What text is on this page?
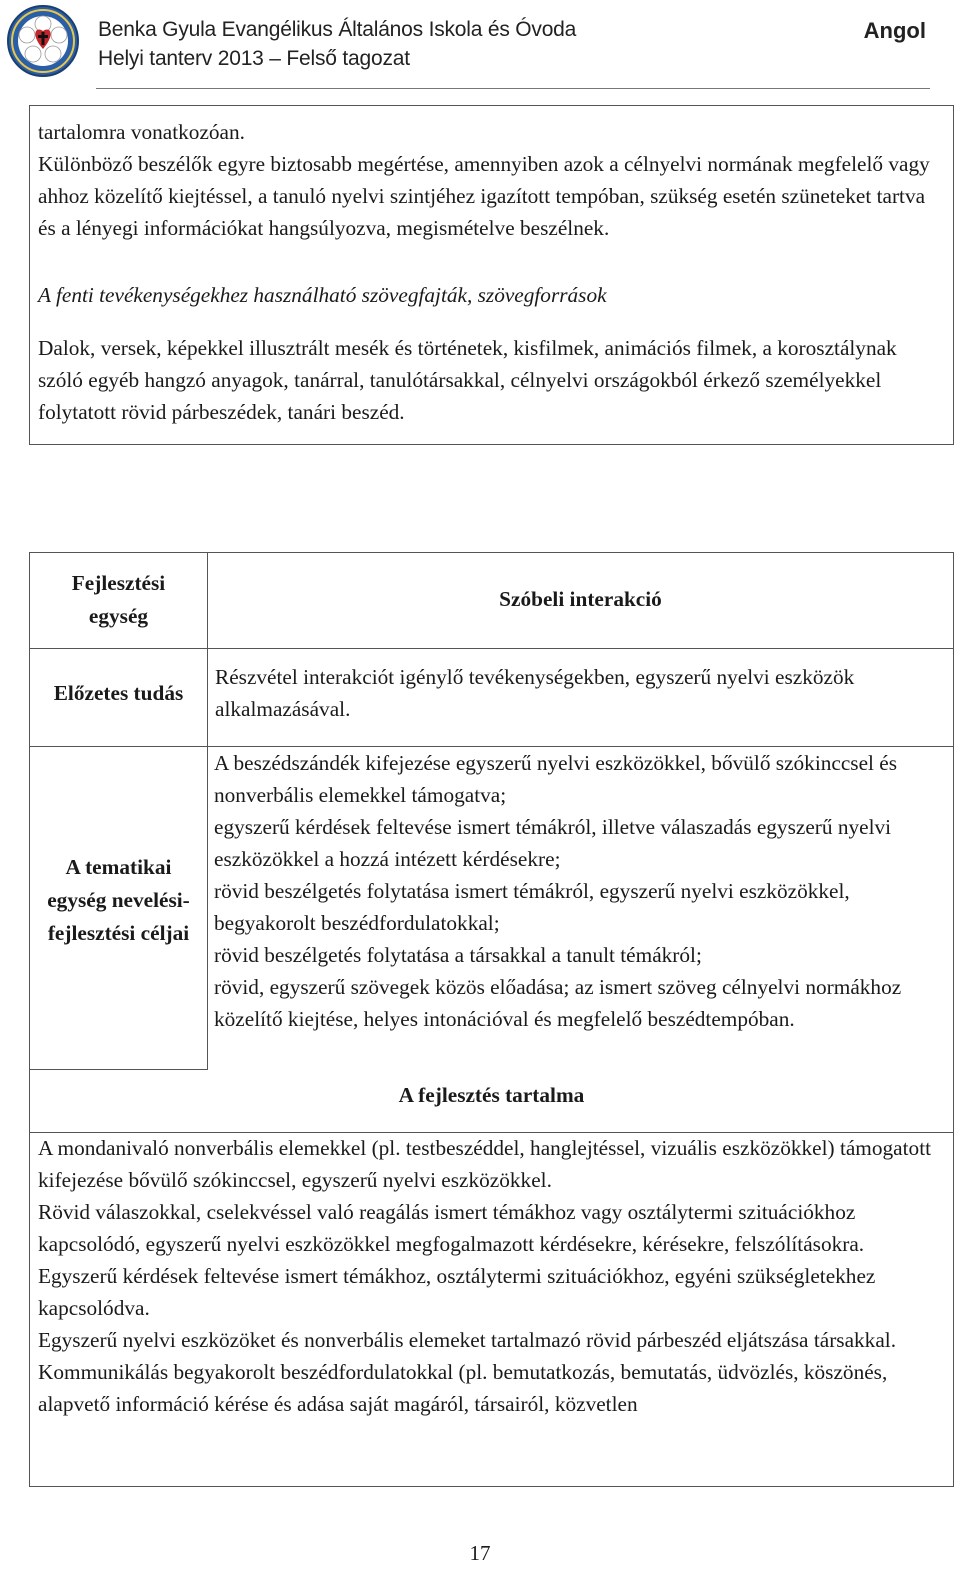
Benka Gyula Evangélikus Általános Iskola és Óvoda
Helyi tanterv 2013 – Felső tagozat
Angol
tartalomra vonatkozóan.
Különböző beszélők egyre biztosabb megértése, amennyiben azok a célnyelvi normának megfelelő vagy ahhoz közelítő kiejtéssel, a tanuló nyelvi szintjéhez igazított tempóban, szükség esetén szüneteket tartva és a lényegi információkat hangsúlyozva, megismételve beszélnek.
A fenti tevékenységekhez használható szövegfajták, szövegforrások
Dalok, versek, képekkel illusztrált mesék és történetek, kisfilmek, animációs filmek, a korosztálynak szóló egyéb hangzó anyagok, tanárral, tanulótársakkal, célnyelvi országokból érkező személyekkel folytatott rövid párbeszédek, tanári beszéd.
Fejlesztési egység
Szóbeli interakció
Előzetes tudás
Részvétel interakciót igénylő tevékenységekben, egyszerű nyelvi eszközök alkalmazásával.
A tematikai egység nevelési-fejlesztési céljai
A beszédszándék kifejezése egyszerű nyelvi eszközökkel, bővülő szókinccsel és nonverbális elemekkel támogatva;
egyszerű kérdések feltevése ismert témákról, illetve válaszadás egyszerű nyelvi eszközökkel a hozzá intézett kérdésekre;
rövid beszélgetés folytatása ismert témákról, egyszerű nyelvi eszközökkel, begyakorolt beszédfordulatokkal;
rövid beszélgetés folytatása a társakkal a tanult témákról;
rövid, egyszerű szövegek közös előadása; az ismert szöveg célnyelvi normákhoz közelítő kiejtése, helyes intonációval és megfelelő beszédtempóban.
A fejlesztés tartalma
A mondanivaló nonverbális elemekkel (pl. testbeszéddel, hanglejtéssel, vizuális eszközökkel) támogatott kifejezése bővülő szókinccsel, egyszerű nyelvi eszközökkel.
Rövid válaszokkal, cselekvéssel való reagálás ismert témákhoz vagy osztálytermi szituációkhoz kapcsolódó, egyszerű nyelvi eszközökkel megfogalmazott kérdésekre, kérésekre, felszólításokra.
Egyszerű kérdések feltevése ismert témákhoz, osztálytermi szituációkhoz, egyéni szükségletekhez kapcsolódva.
Egyszerű nyelvi eszközöket és nonverbális elemeket tartalmazó rövid párbeszéd eljátszása társakkal.
Kommunikálás begyakorolt beszédfordulatokkal (pl. bemutatkozás, bemutatás, üdvözlés, köszönés, alapvető információ kérése és adása saját magáról, társairól, közvetlen
17
